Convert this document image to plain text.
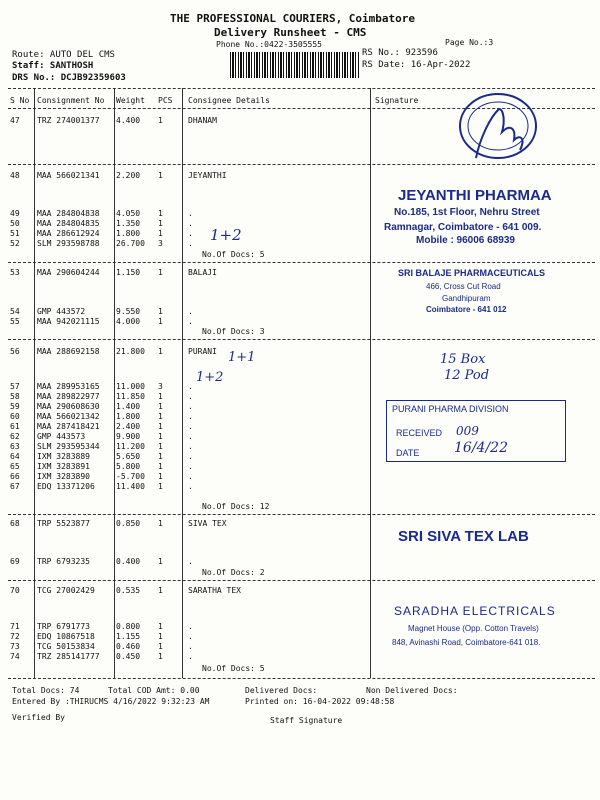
THE PROFESSIONAL COURIERS, Coimbatore
Delivery Runsheet - CMS
Phone No.:0422-3505555	Page No.:3
Route: AUTO DEL CMS
Staff: SANTHOSH
DRS No.: DCJB92359603
RS No.: 923596
RS Date: 16-Apr-2022
S No Consignment No Weight PCS Consignee Details	Signature
47 TRZ 274001377 4.400 1	DHANAM
48 MAA 566021341 2.200 1	JEYANTHI
49 MAA 284804838 4.050 1	.
50 MAA 284804835 1.350 1	.
51 MAA 286612924 1.800 1	.
52 SLM 293598788 26.700 3	.
No.Of Docs: 5
53 MAA 290604244 1.150 1	BALAJI
54 GMP 443572	9.550 1	.
55 MAA 942021115 4.000 1	.
No.Of Docs: 3
56 MAA 288692158 21.800 1	PURANI
57 MAA 289953165 11.000 3	.
58 MAA 289822977 11.850 1	.
59 MAA 290608630 1.400 1	.
60 MAA 566021342 1.800 1	.
61 MAA 287418421 2.400 1	.
62 GMP 443573	9.900 1	.
63 SLM 293595344 11.200 1	.
64 IXM 3283889	5.650 1	.
65 IXM 3283891	5.800 1	.
66 IXM 3283890	-5.700 1	.
67 EDQ 13371206	11.400 1	.
No.Of Docs: 12
68 TRP 5523877	0.850 1	SIVA TEX
69 TRP 6793235	0.400 1	.
No.Of Docs: 2
70 TCG 27002429	0.535 1	SARATHA TEX
71 TRP 6791773	0.800 1	.
72 EDQ 10867518	1.155 1	.
73 TCG 50153834	0.460 1	.
74 TRZ 285141777 0.450 1	.
No.Of Docs: 5
Total Docs: 74	Total COD Amt: 0.00	Delivered Docs:	Non Delivered Docs:
Entered By :THIRUCMS 4/16/2022 9:32:23 AM	Printed on: 16-04-2022 09:48:58
Verified By	Staff Signature
JEYANTHI PHARMAA
No.185, 1st Floor, Nehru Street
Ramnagar, Coimbatore - 641 009.
Mobile : 96006 68939
SRI BALAJE PHARMACEUTICALS
466, Cross Cut Road
Gandhipuram
Coimbatore - 641 012
PURANI PHARMA DIVISION
RECEIVED
DATE
SRI SIVA TEX LAB
SARADHA ELECTRICALS
Magnet House (Opp. Cotton Travels)
848, Avinashi Road, Coimbatore-641 018.
1+2
1+1
1+2
15 Box
12 Pod
009
16/4/22
